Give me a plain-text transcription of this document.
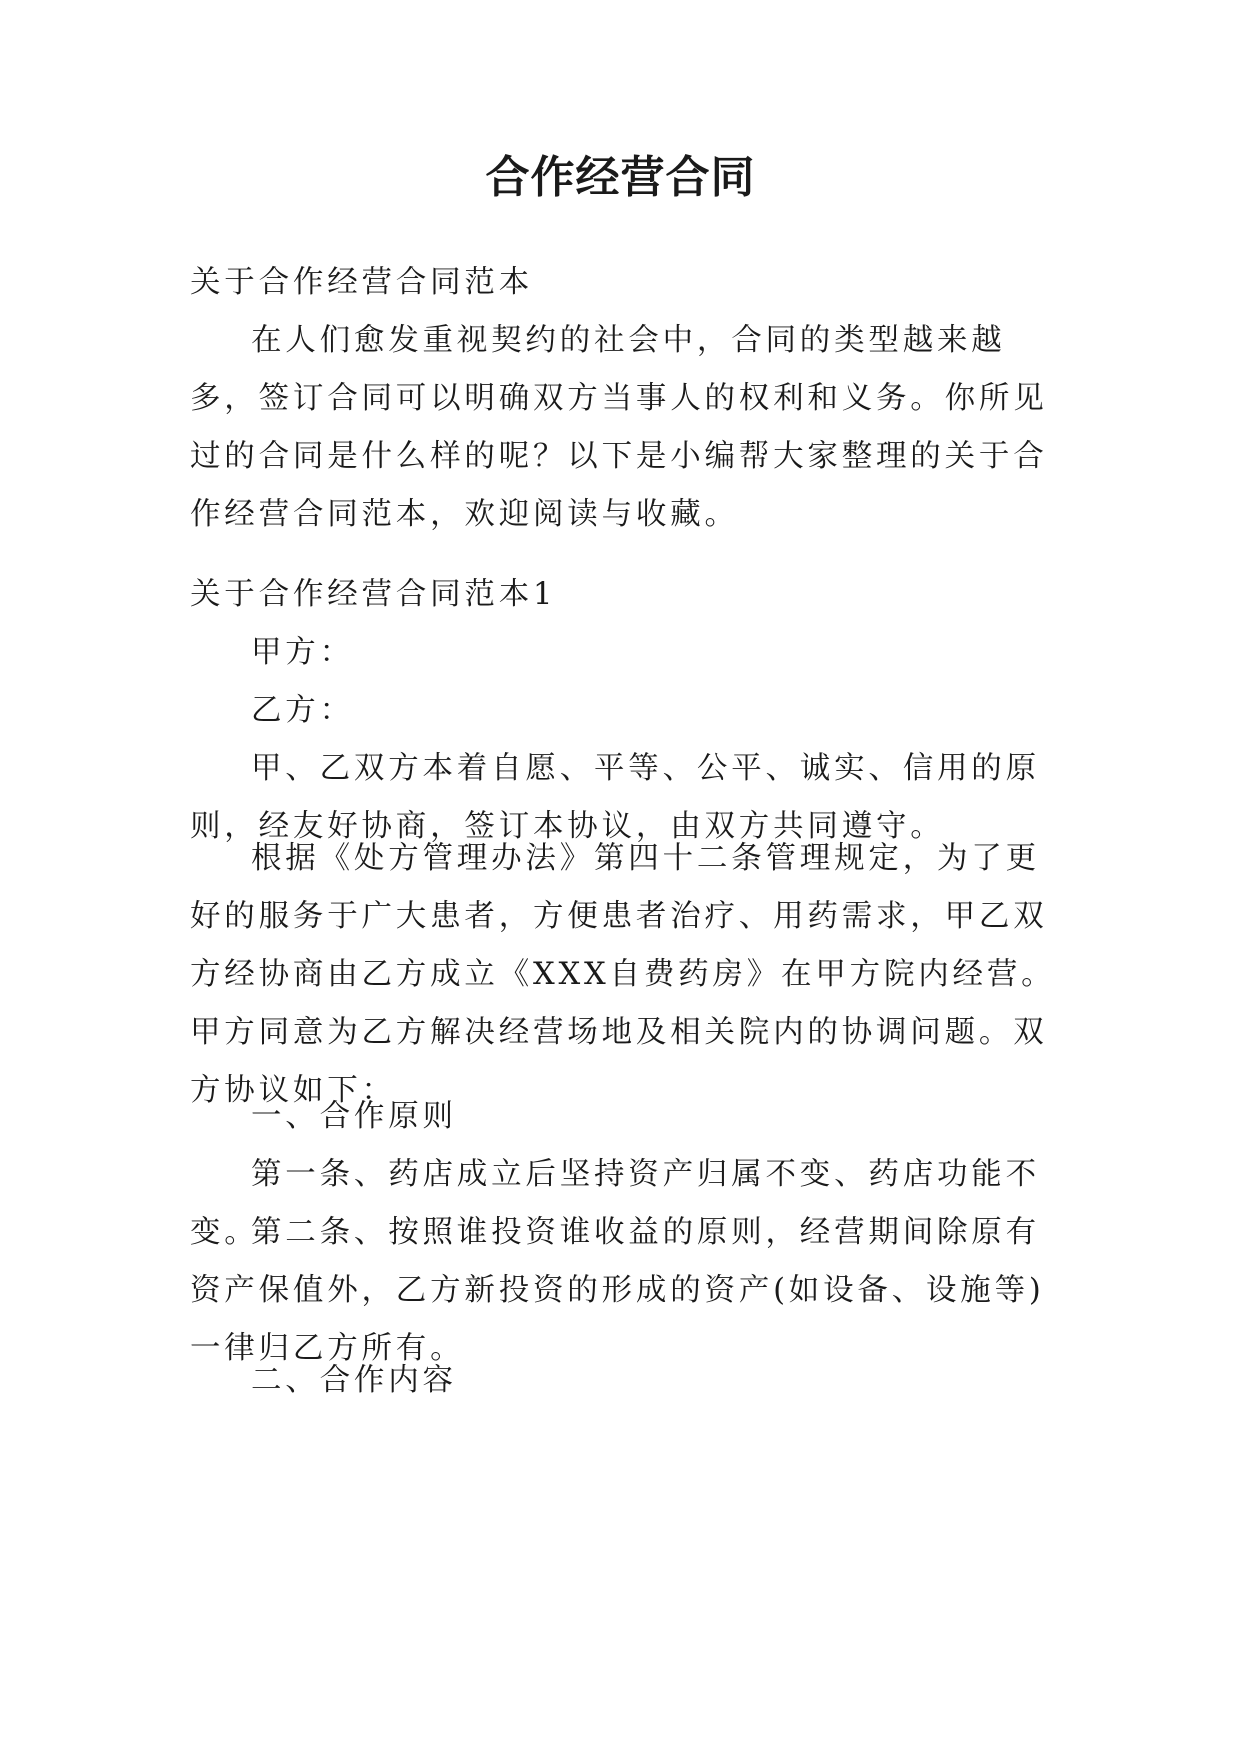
合作经营合同

关于合作经营合同范本

在人们愈发重视契约的社会中，合同的类型越来越多，签订合同可以明确双方当事人的权利和义务。你所见过的合同是什么样的呢？以下是小编帮大家整理的关于合作经营合同范本，欢迎阅读与收藏。

关于合作经营合同范本1

甲方：

乙方：

甲、乙双方本着自愿、平等、公平、诚实、信用的原则，经友好协商，签订本协议，由双方共同遵守。

根据《处方管理办法》第四十二条管理规定，为了更好的服务于广大患者，方便患者治疗、用药需求，甲乙双方经协商由乙方成立《XXX自费药房》在甲方院内经营。甲方同意为乙方解决经营场地及相关院内的协调问题。双方协议如下：

一、合作原则

第一条、药店成立后坚持资产归属不变、药店功能不变。

第二条、按照谁投资谁收益的原则，经营期间除原有资产保值外，乙方新投资的形成的资产(如设备、设施等)一律归乙方所有。

二、合作内容
